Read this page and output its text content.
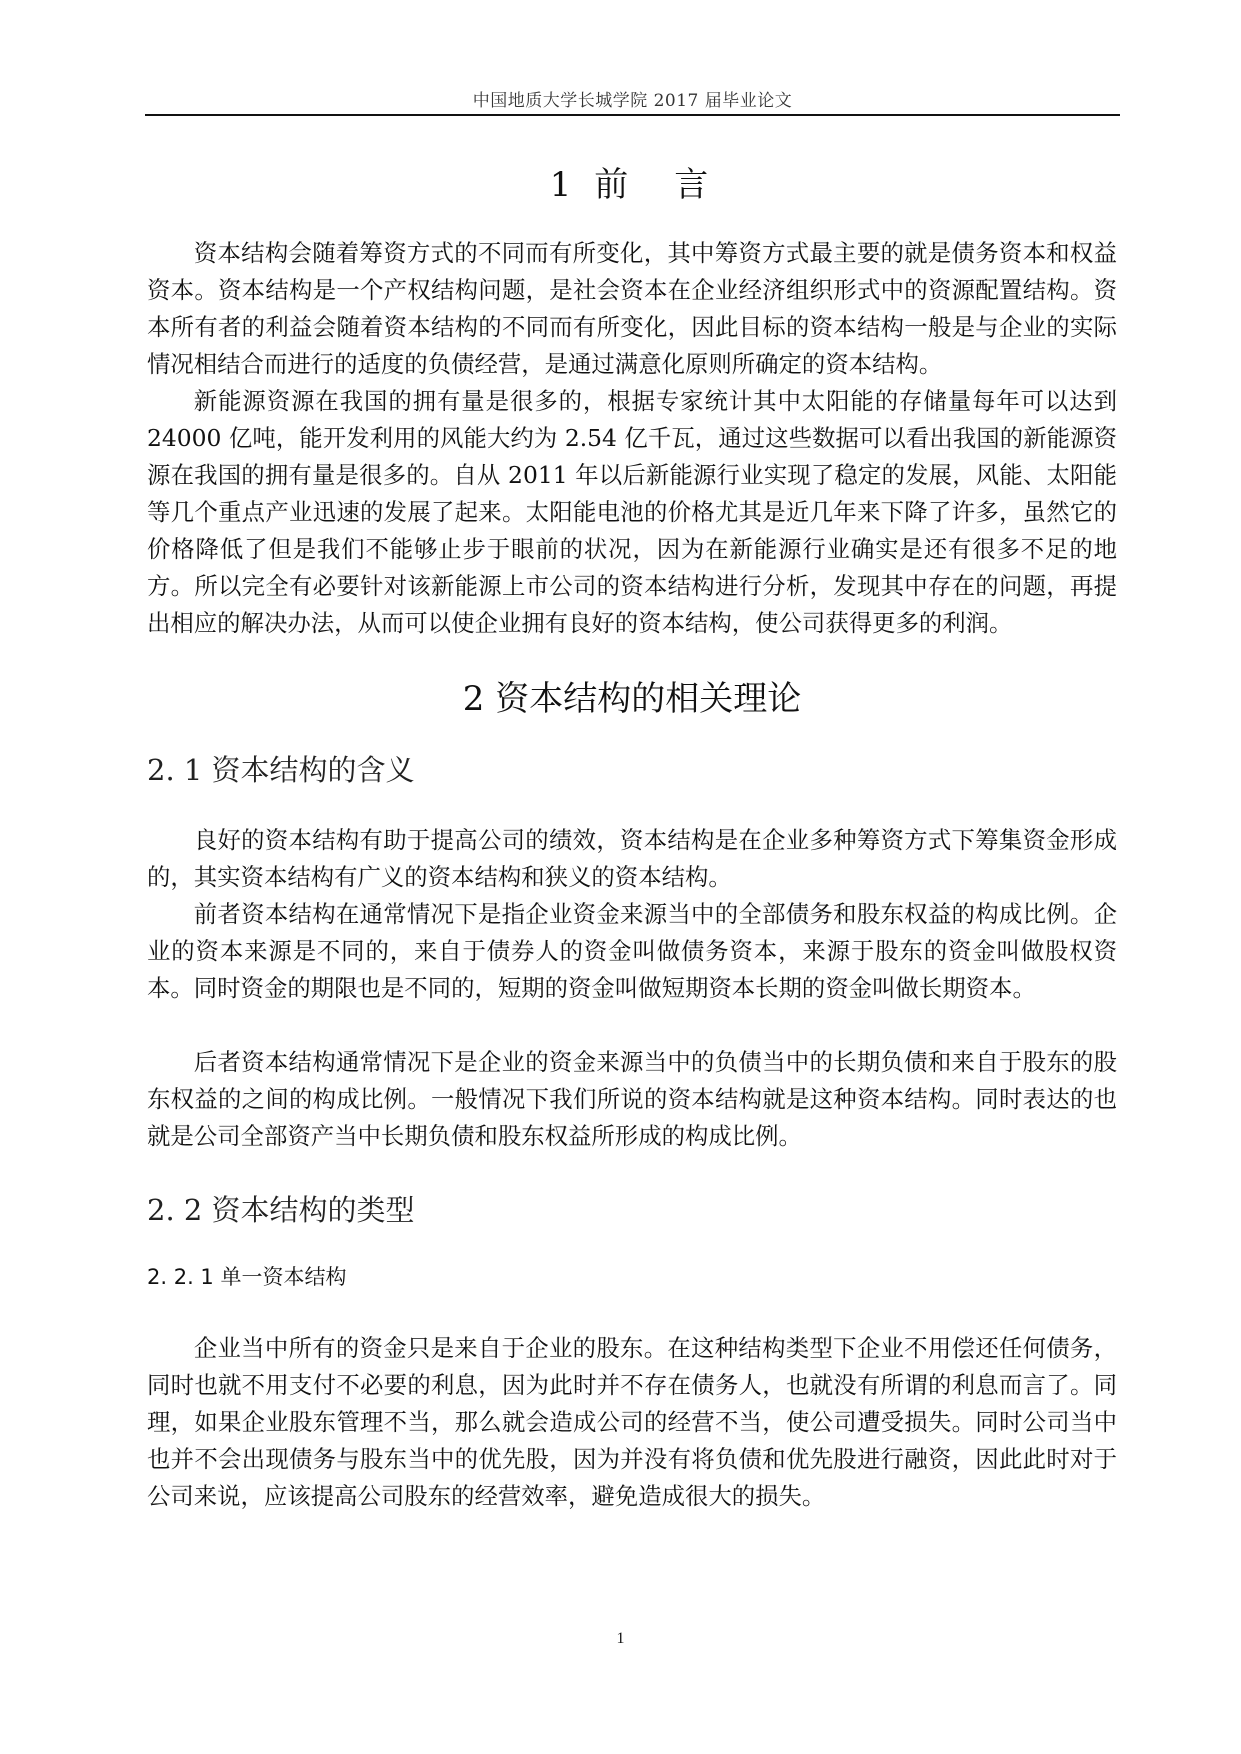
中国地质大学长城学院 2017 届毕业论文
1 前　言
资本结构会随着筹资方式的不同而有所变化，其中筹资方式最主要的就是债务资本和权益资本。资本结构是一个产权结构问题，是社会资本在企业经济组织形式中的资源配置结构。资本所有者的利益会随着资本结构的不同而有所变化，因此目标的资本结构一般是与企业的实际情况相结合而进行的适度的负债经营，是通过满意化原则所确定的资本结构。
新能源资源在我国的拥有量是很多的，根据专家统计其中太阳能的存储量每年可以达到 24000 亿吨，能开发利用的风能大约为 2.54 亿千瓦，通过这些数据可以看出我国的新能源资源在我国的拥有量是很多的。自从 2011 年以后新能源行业实现了稳定的发展，风能、太阳能等几个重点产业迅速的发展了起来。太阳能电池的价格尤其是近几年来下降了许多，虽然它的价格降低了但是我们不能够止步于眼前的状况，因为在新能源行业确实是还有很多不足的地方。所以完全有必要针对该新能源上市公司的资本结构进行分析，发现其中存在的问题，再提出相应的解决办法，从而可以使企业拥有良好的资本结构，使公司获得更多的利润。
2 资本结构的相关理论
2. 1 资本结构的含义
良好的资本结构有助于提高公司的绩效，资本结构是在企业多种筹资方式下筹集资金形成的，其实资本结构有广义的资本结构和狭义的资本结构。
前者资本结构在通常情况下是指企业资金来源当中的全部债务和股东权益的构成比例。企业的资本来源是不同的，来自于债券人的资金叫做债务资本，来源于股东的资金叫做股权资本。同时资金的期限也是不同的，短期的资金叫做短期资本长期的资金叫做长期资本。
后者资本结构通常情况下是企业的资金来源当中的负债当中的长期负债和来自于股东的股东权益的之间的构成比例。一般情况下我们所说的资本结构就是这种资本结构。同时表达的也就是公司全部资产当中长期负债和股东权益所形成的构成比例。
2. 2 资本结构的类型
2. 2. 1 单一资本结构
企业当中所有的资金只是来自于企业的股东。在这种结构类型下企业不用偿还任何债务，同时也就不用支付不必要的利息，因为此时并不存在债务人，也就没有所谓的利息而言了。同理，如果企业股东管理不当，那么就会造成公司的经营不当，使公司遭受损失。同时公司当中也并不会出现债务与股东当中的优先股，因为并没有将负债和优先股进行融资，因此此时对于公司来说，应该提高公司股东的经营效率，避免造成很大的损失。
1
